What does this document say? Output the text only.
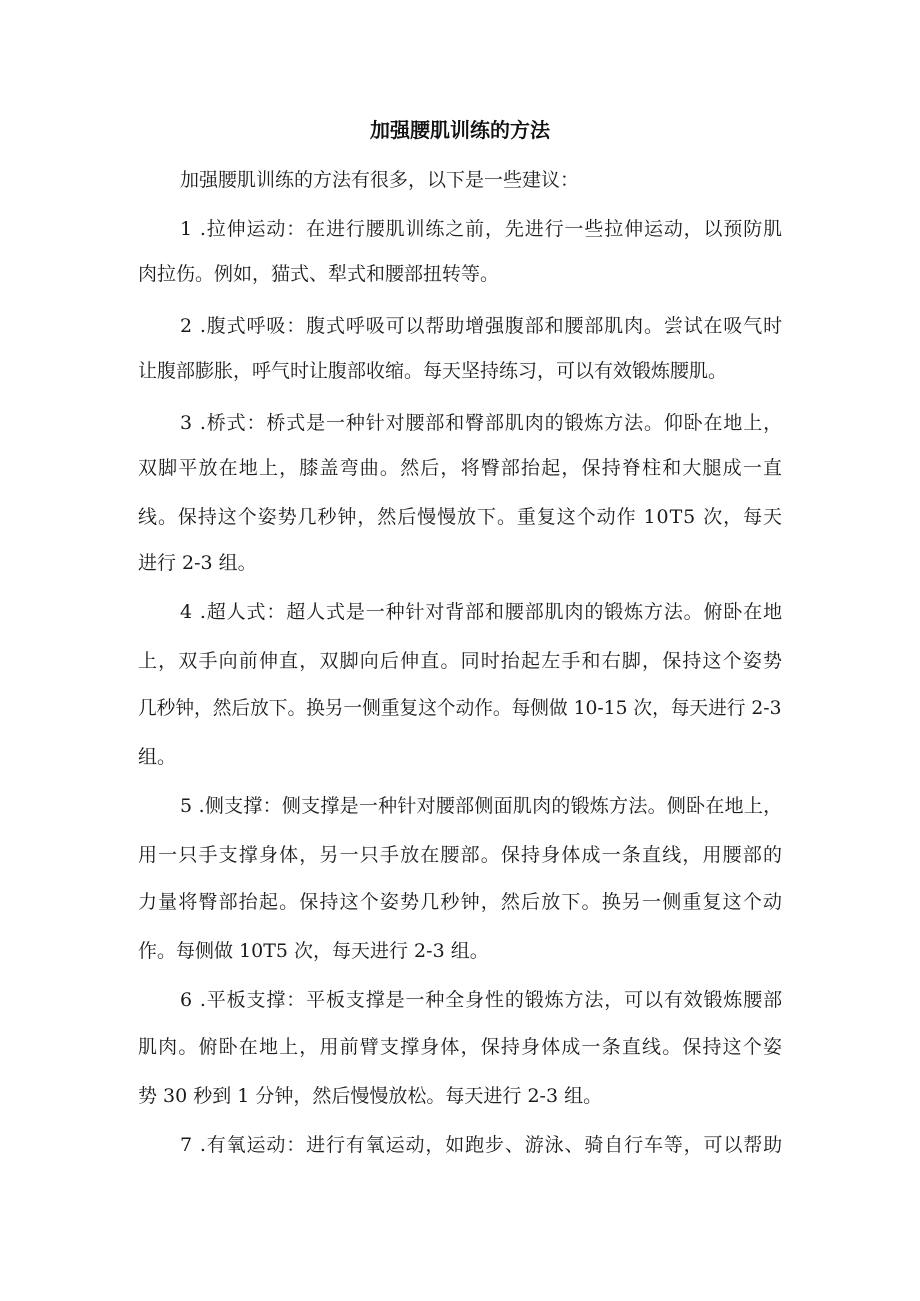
加强腰肌训练的方法

加强腰肌训练的方法有很多，以下是一些建议：

1 .拉伸运动：在进行腰肌训练之前，先进行一些拉伸运动，以预防肌

肉拉伤。例如，猫式、犁式和腰部扭转等。

2 .腹式呼吸：腹式呼吸可以帮助增强腹部和腰部肌肉。尝试在吸气时

让腹部膨胀，呼气时让腹部收缩。每天坚持练习，可以有效锻炼腰肌。

3 .桥式：桥式是一种针对腰部和臀部肌肉的锻炼方法。仰卧在地上，

双脚平放在地上，膝盖弯曲。然后，将臀部抬起，保持脊柱和大腿成一直

线。保持这个姿势几秒钟，然后慢慢放下。重复这个动作 10T5 次，每天

进行 2-3 组。

4 .超人式：超人式是一种针对背部和腰部肌肉的锻炼方法。俯卧在地

上，双手向前伸直，双脚向后伸直。同时抬起左手和右脚，保持这个姿势

几秒钟，然后放下。换另一侧重复这个动作。每侧做 10-15 次，每天进行 2-3

组。

5 .侧支撑：侧支撑是一种针对腰部侧面肌肉的锻炼方法。侧卧在地上，

用一只手支撑身体，另一只手放在腰部。保持身体成一条直线，用腰部的

力量将臀部抬起。保持这个姿势几秒钟，然后放下。换另一侧重复这个动

作。每侧做 10T5 次，每天进行 2-3 组。

6 .平板支撑：平板支撑是一种全身性的锻炼方法，可以有效锻炼腰部

肌肉。俯卧在地上，用前臂支撑身体，保持身体成一条直线。保持这个姿

势 30 秒到 1 分钟，然后慢慢放松。每天进行 2-3 组。

7 .有氧运动：进行有氧运动，如跑步、游泳、骑自行车等，可以帮助
